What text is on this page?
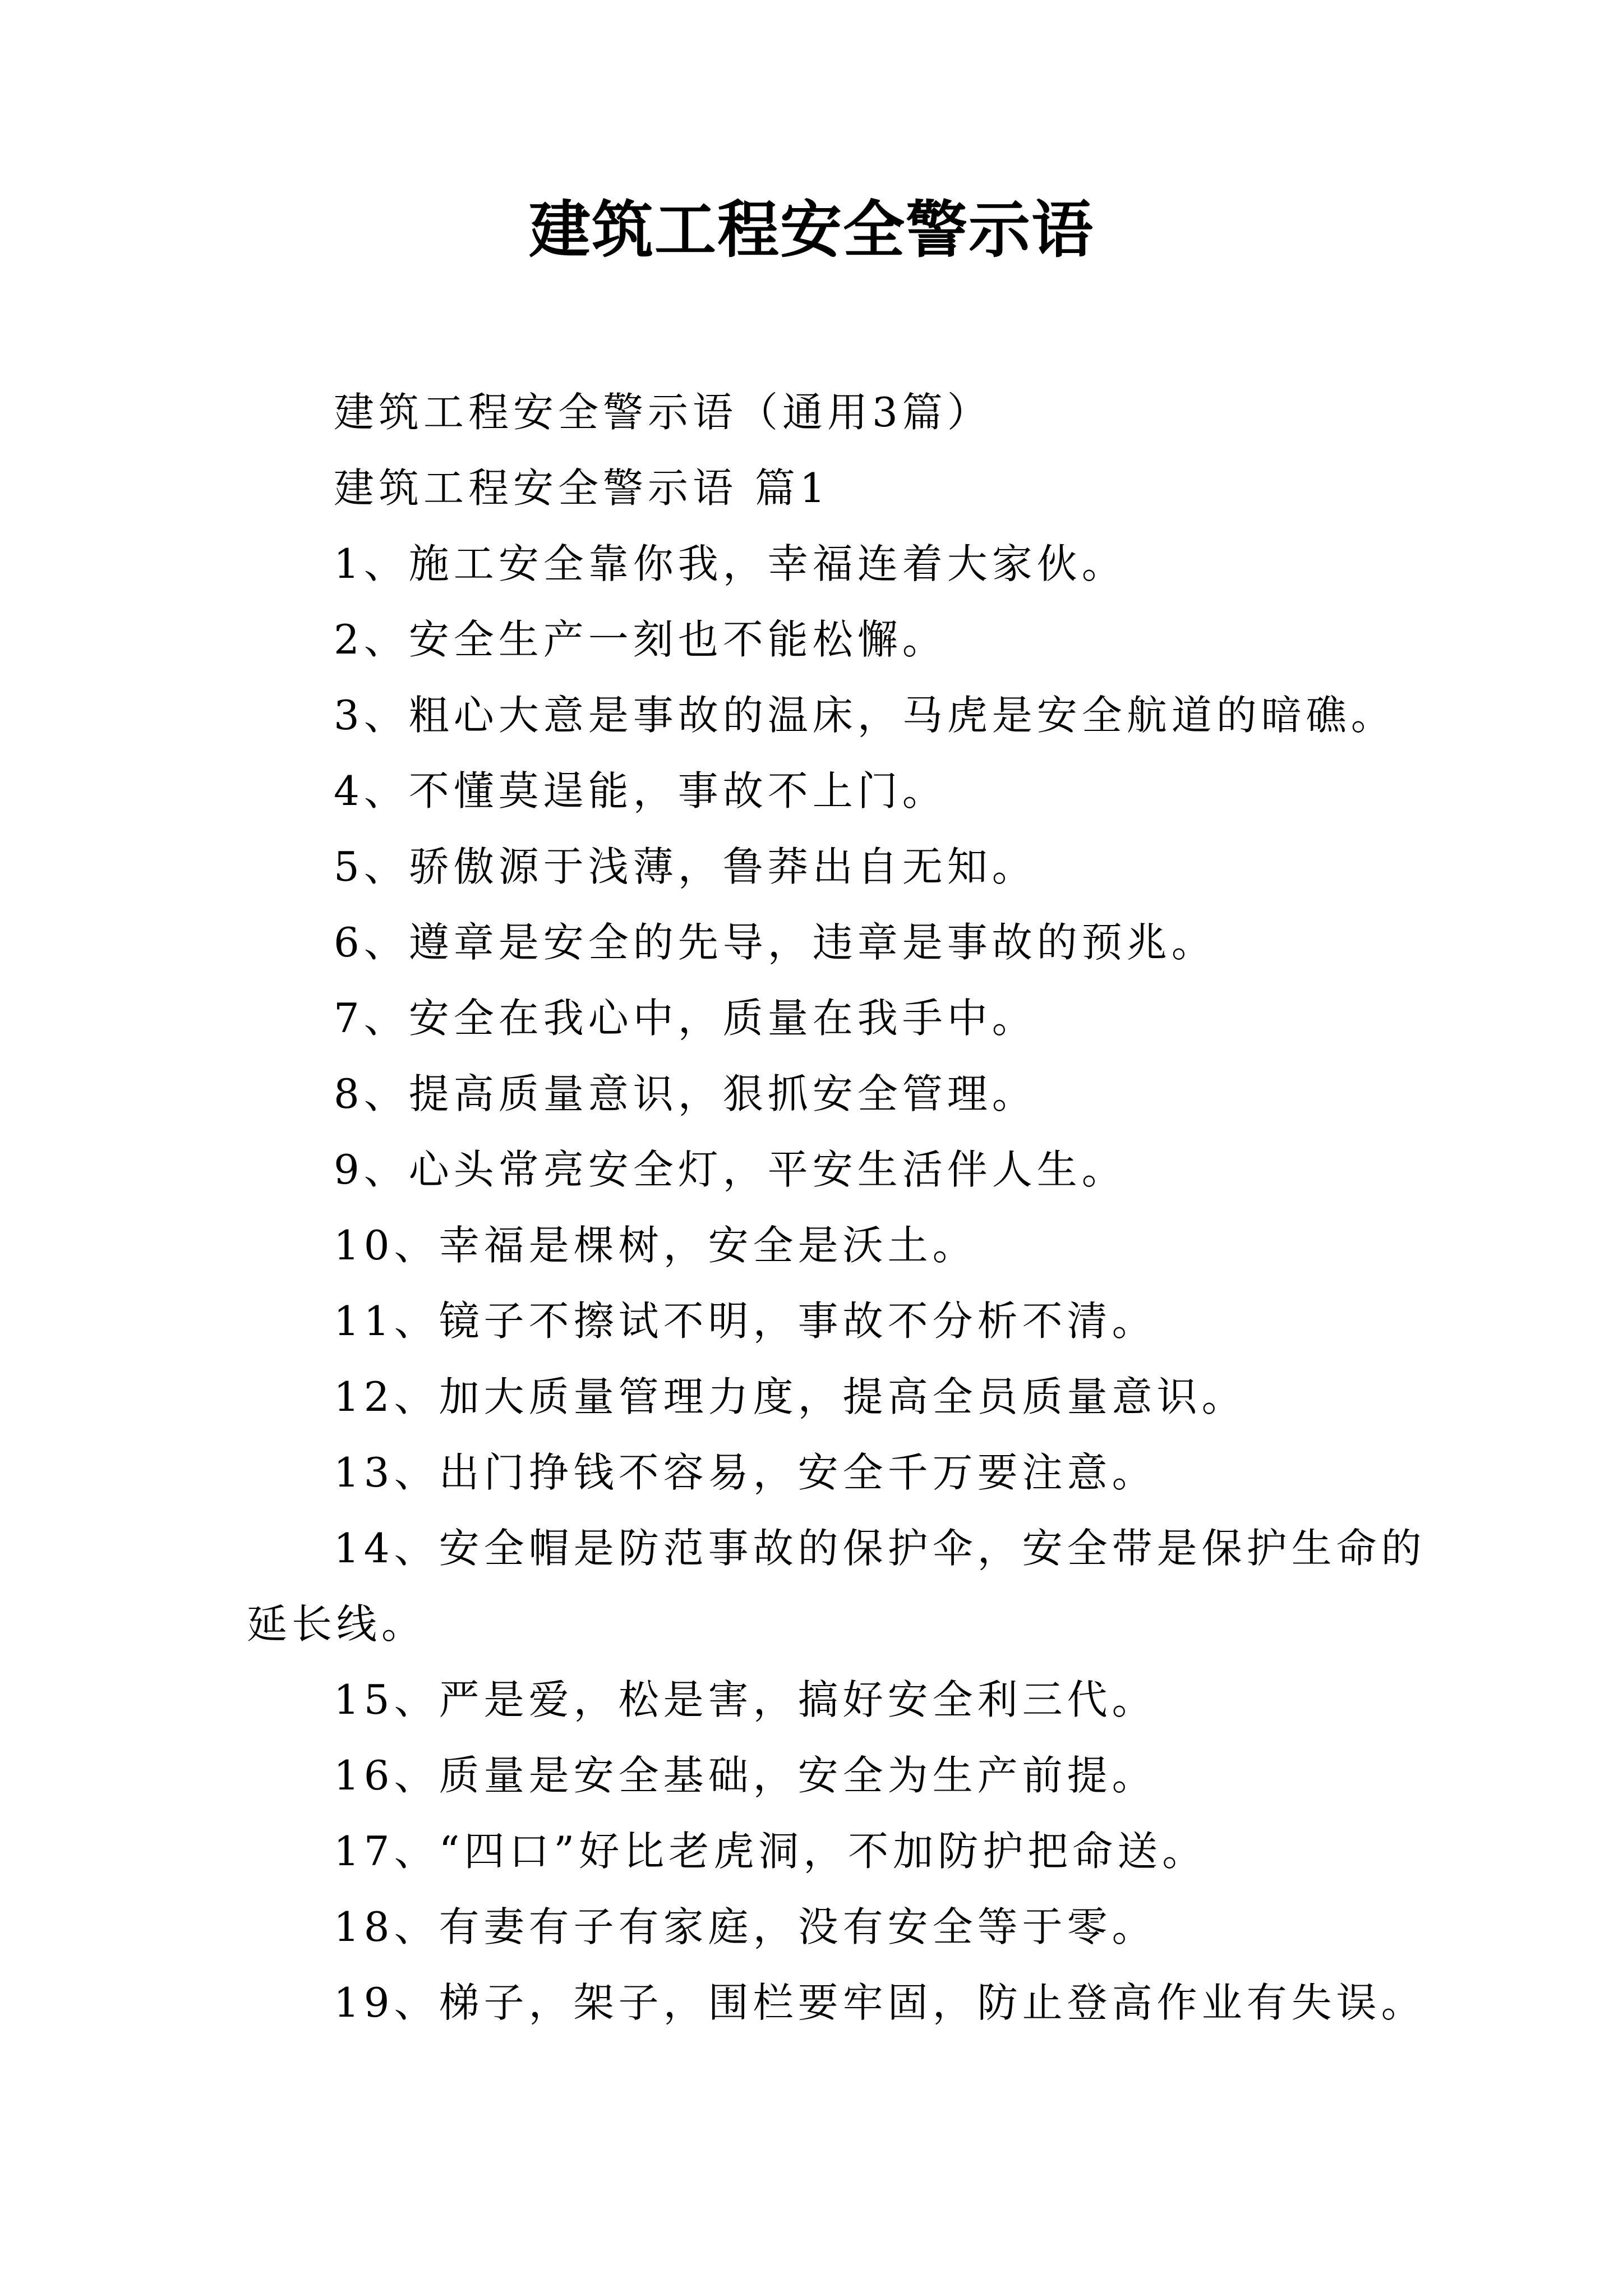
建筑工程安全警示语
建筑工程安全警示语（通用3篇）
建筑工程安全警示语 篇1
1、施工安全靠你我，幸福连着大家伙。
2、安全生产一刻也不能松懈。
3、粗心大意是事故的温床，马虎是安全航道的暗礁。
4、不懂莫逞能，事故不上门。
5、骄傲源于浅薄，鲁莽出自无知。
6、遵章是安全的先导，违章是事故的预兆。
7、安全在我心中，质量在我手中。
8、提高质量意识，狠抓安全管理。
9、心头常亮安全灯，平安生活伴人生。
10、幸福是棵树，安全是沃土。
11、镜子不擦试不明，事故不分析不清。
12、加大质量管理力度，提高全员质量意识。
13、出门挣钱不容易，安全千万要注意。
14、安全帽是防范事故的保护伞，安全带是保护生命的
延长线。
15、严是爱，松是害，搞好安全利三代。
16、质量是安全基础，安全为生产前提。
17、“四口”好比老虎洞，不加防护把命送。
18、有妻有子有家庭，没有安全等于零。
19、梯子，架子，围栏要牢固，防止登高作业有失误。
